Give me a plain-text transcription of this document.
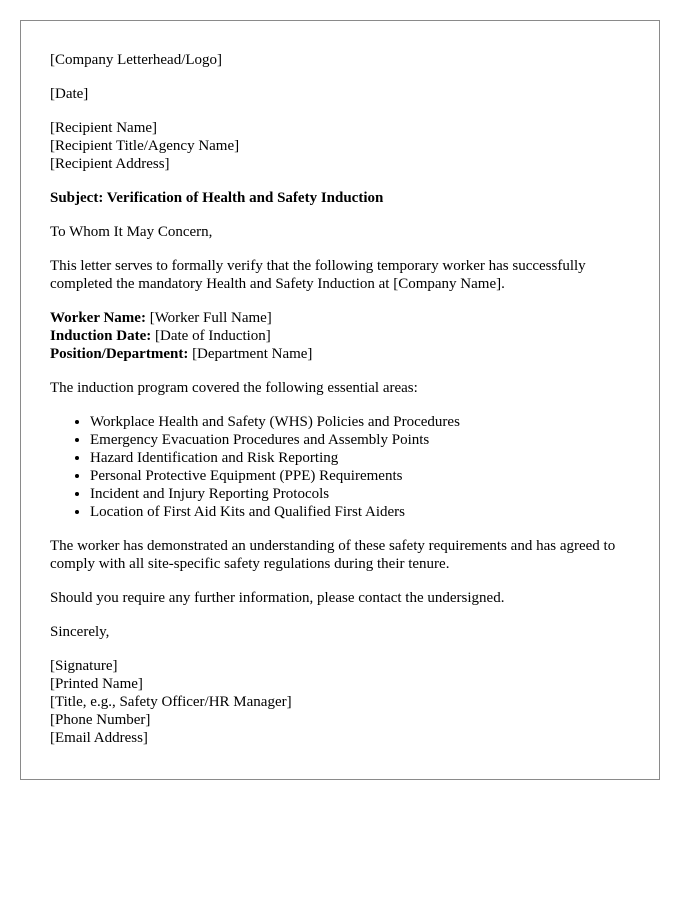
[Company Letterhead/Logo]

[Date]

[Recipient Name]
[Recipient Title/Agency Name]
[Recipient Address]

Subject: Verification of Health and Safety Induction

To Whom It May Concern,

This letter serves to formally verify that the following temporary worker has successfully completed the mandatory Health and Safety Induction at [Company Name].

Worker Name: [Worker Full Name]
Induction Date: [Date of Induction]
Position/Department: [Department Name]

The induction program covered the following essential areas:

• Workplace Health and Safety (WHS) Policies and Procedures
• Emergency Evacuation Procedures and Assembly Points
• Hazard Identification and Risk Reporting
• Personal Protective Equipment (PPE) Requirements
• Incident and Injury Reporting Protocols
• Location of First Aid Kits and Qualified First Aiders

The worker has demonstrated an understanding of these safety requirements and has agreed to comply with all site-specific safety regulations during their tenure.

Should you require any further information, please contact the undersigned.

Sincerely,

[Signature]
[Printed Name]
[Title, e.g., Safety Officer/HR Manager]
[Phone Number]
[Email Address]
